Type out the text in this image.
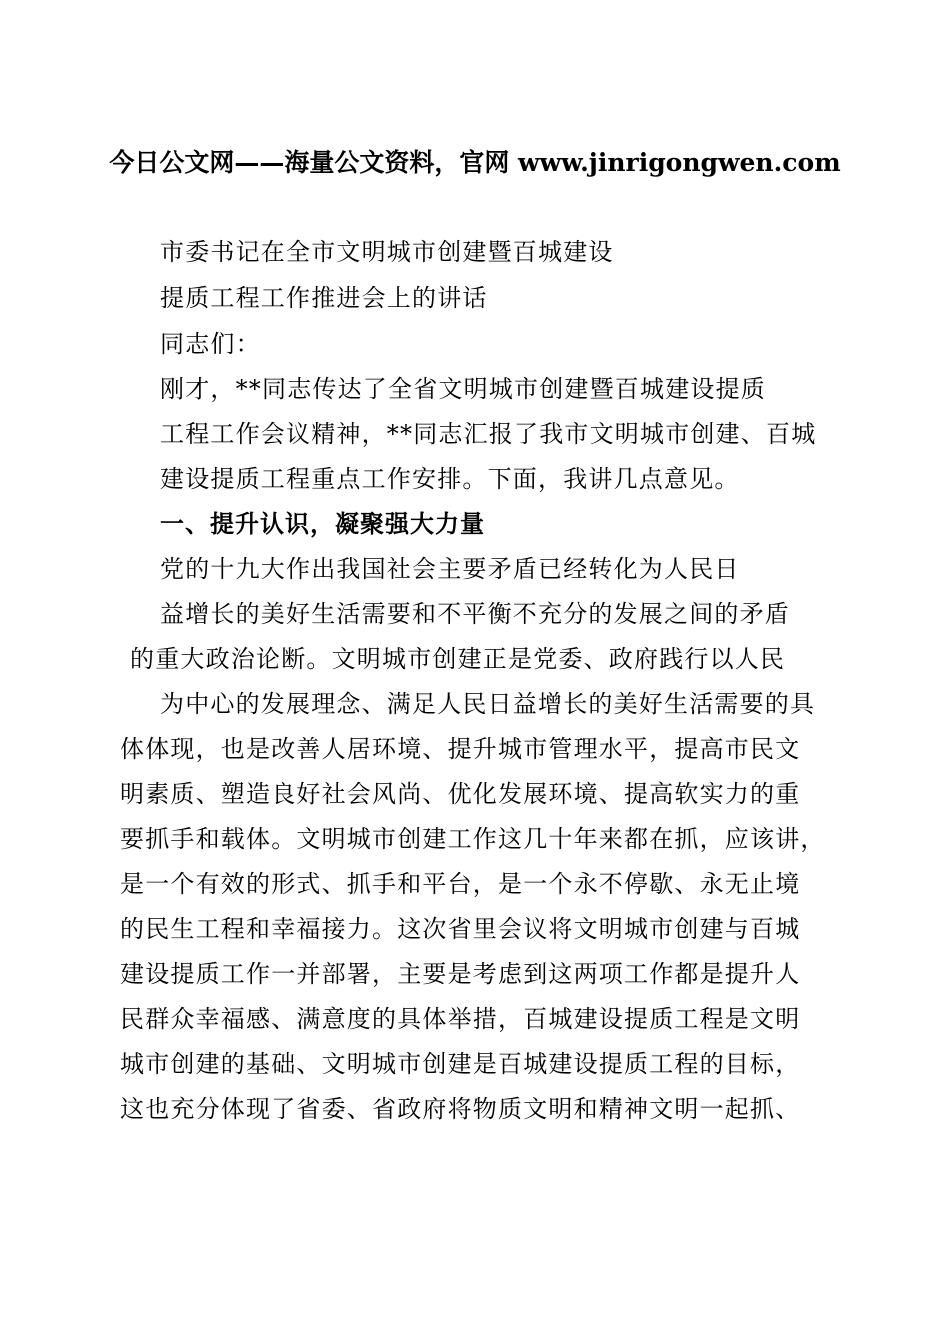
今日公文网——海量公文资料，官网 www.jinrigongwen.com
市委书记在全市文明城市创建暨百城建设
提质工程工作推进会上的讲话
同志们：
刚才，**同志传达了全省文明城市创建暨百城建设提质
工程工作会议精神，**同志汇报了我市文明城市创建、百城
建设提质工程重点工作安排。下面，我讲几点意见。
一、提升认识，凝聚强大力量
党的十九大作出我国社会主要矛盾已经转化为人民日
益增长的美好生活需要和不平衡不充分的发展之间的矛盾
的重大政治论断。文明城市创建正是党委、政府践行以人民
为中心的发展理念、满足人民日益增长的美好生活需要的具
体体现，也是改善人居环境、提升城市管理水平，提高市民文
明素质、塑造良好社会风尚、优化发展环境、提高软实力的重
要抓手和载体。文明城市创建工作这几十年来都在抓，应该讲，
是一个有效的形式、抓手和平台，是一个永不停歇、永无止境
的民生工程和幸福接力。这次省里会议将文明城市创建与百城
建设提质工作一并部署，主要是考虑到这两项工作都是提升人
民群众幸福感、满意度的具体举措，百城建设提质工程是文明
城市创建的基础、文明城市创建是百城建设提质工程的目标，
这也充分体现了省委、省政府将物质文明和精神文明一起抓、
